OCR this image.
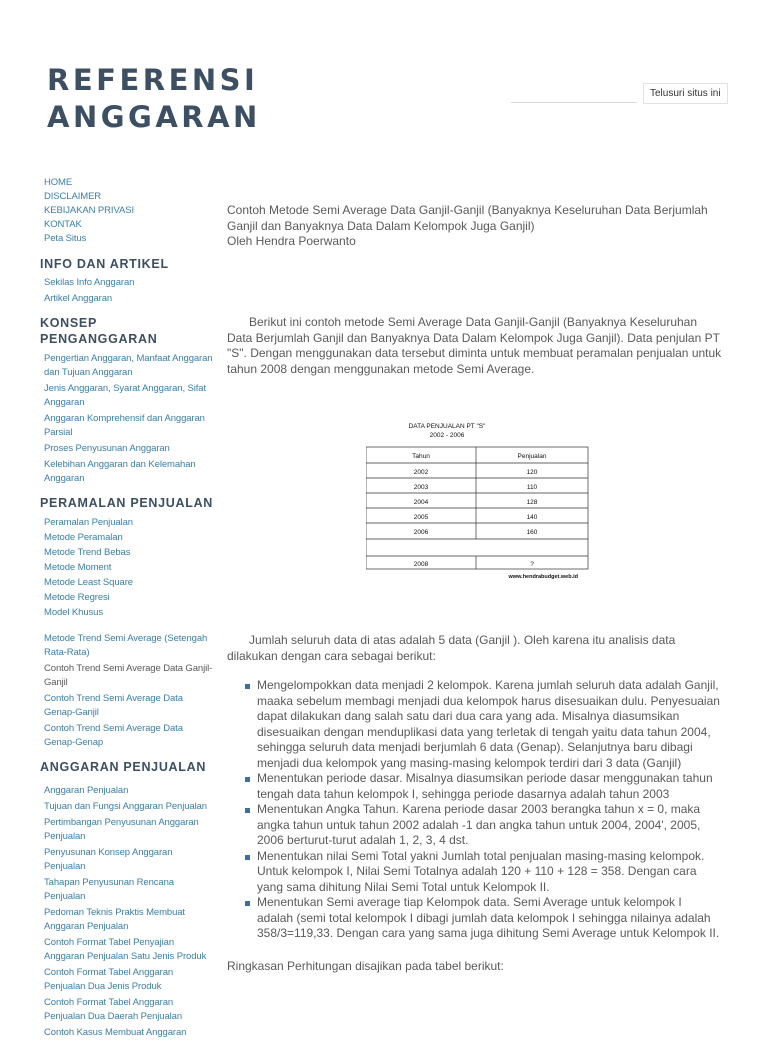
REFERENSI ANGGARAN
Telusuri situs ini
HOME
DISCLAIMER
KEBIJAKAN PRIVASI
KONTAK
Peta Situs
INFO DAN ARTIKEL
Sekilas Info Anggaran
Artikel Anggaran
KONSEP PENGANGGARAN
Pengertian Anggaran, Manfaat Anggaran dan Tujuan Anggaran
Jenis Anggaran, Syarat Anggaran, Sifat Anggaran
Anggaran Komprehensif dan Anggaran Parsial
Proses Penyusunan Anggaran
Kelebihan Anggaran dan Kelemahan Anggaran
PERAMALAN PENJUALAN
Peramalan Penjualan
Metode Peramalan
Metode Trend Bebas
Metode Moment
Metode Least Square
Metode Regresi
Model Khusus
Metode Trend Semi Average (Setengah Rata-Rata)
Contoh Trend Semi Average Data Ganjil-Ganjil
Contoh Trend Semi Average Data Genap-Ganjil
Contoh Trend Semi Average Data Genap-Genap
ANGGARAN PENJUALAN
Anggaran Penjualan
Tujuan dan Fungsi Anggaran Penjualan
Pertimbangan Penyusunan Anggaran Penjualan
Penyusunan Konsep Anggaran Penjualan
Tahapan Penyusunan Rencana Penjualan
Pedoman Teknis Praktis Membuat Anggaran Penjualan
Contoh Format Tabel Penyajian Anggaran Penjualan Satu Jenis Produk
Contoh Format Tabel Anggaran Penjualan Dua Jenis Produk
Contoh Format Tabel Anggaran Penjualan Dua Daerah Penjualan
Contoh Kasus Membuat Anggaran

Contoh Metode Semi Average Data Ganjil-Ganjil (Banyaknya Keseluruhan Data Berjumlah Ganjil dan Banyaknya Data Dalam Kelompok Juga Ganjil)

Oleh Hendra Poerwanto

Berikut ini contoh metode Semi Average Data Ganjil-Ganjil (Banyaknya Keseluruhan Data Berjumlah Ganjil dan Banyaknya Data Dalam Kelompok Juga Ganjil). Data penjulan PT "S". Dengan menggunakan data tersebut diminta untuk membuat peramalan penjualan untuk tahun 2008 dengan menggunakan metode Semi Average.

DATA PENJUALAN PT "S"
2002 - 2006
Tahun	Penjualan
2002	120
2003	110
2004	128
2005	140
2006	160
2008	?
www.hendrabudget.web.id

Jumlah seluruh data di atas adalah 5 data (Ganjil ). Oleh karena itu analisis data dilakukan dengan cara sebagai berikut:

Mengelompokkan data menjadi 2 kelompok. Karena jumlah seluruh data adalah Ganjil, maaka sebelum membagi menjadi dua kelompok harus disesuaikan dulu. Penyesuaian dapat dilakukan dang salah satu dari dua cara yang ada. Misalnya diasumsikan disesuaikan dengan menduplikasi data yang terletak di tengah yaitu data tahun 2004, sehingga seluruh data menjadi berjumlah 6 data (Genap). Selanjutnya baru dibagi menjadi dua kelompok yang masing-masing kelompok terdiri dari 3 data (Ganjil)
Menentukan periode dasar. Misalnya diasumsikan periode dasar menggunakan tahun tengah data tahun kelompok I, sehingga periode dasarnya adalah tahun 2003
Menentukan Angka Tahun. Karena periode dasar 2003 berangka tahun x = 0, maka angka tahun untuk tahun 2002 adalah -1 dan angka tahun untuk 2004, 2004', 2005, 2006 berturut-turut adalah 1, 2, 3, 4 dst.
Menentukan nilai Semi Total yakni Jumlah total penjualan masing-masing kelompok. Untuk kelompok I, Nilai Semi Totalnya adalah 120 + 110 + 128 = 358. Dengan cara yang sama dihitung Nilai Semi Total untuk Kelompok II.
Menentukan Semi average tiap Kelompok data. Semi Average untuk kelompok I adalah (semi total kelompok I dibagi jumlah data kelompok I sehingga nilainya adalah 358/3=119,33. Dengan cara yang sama juga dihitung Semi Average untuk Kelompok II.

Ringkasan Perhitungan disajikan pada tabel berikut:
